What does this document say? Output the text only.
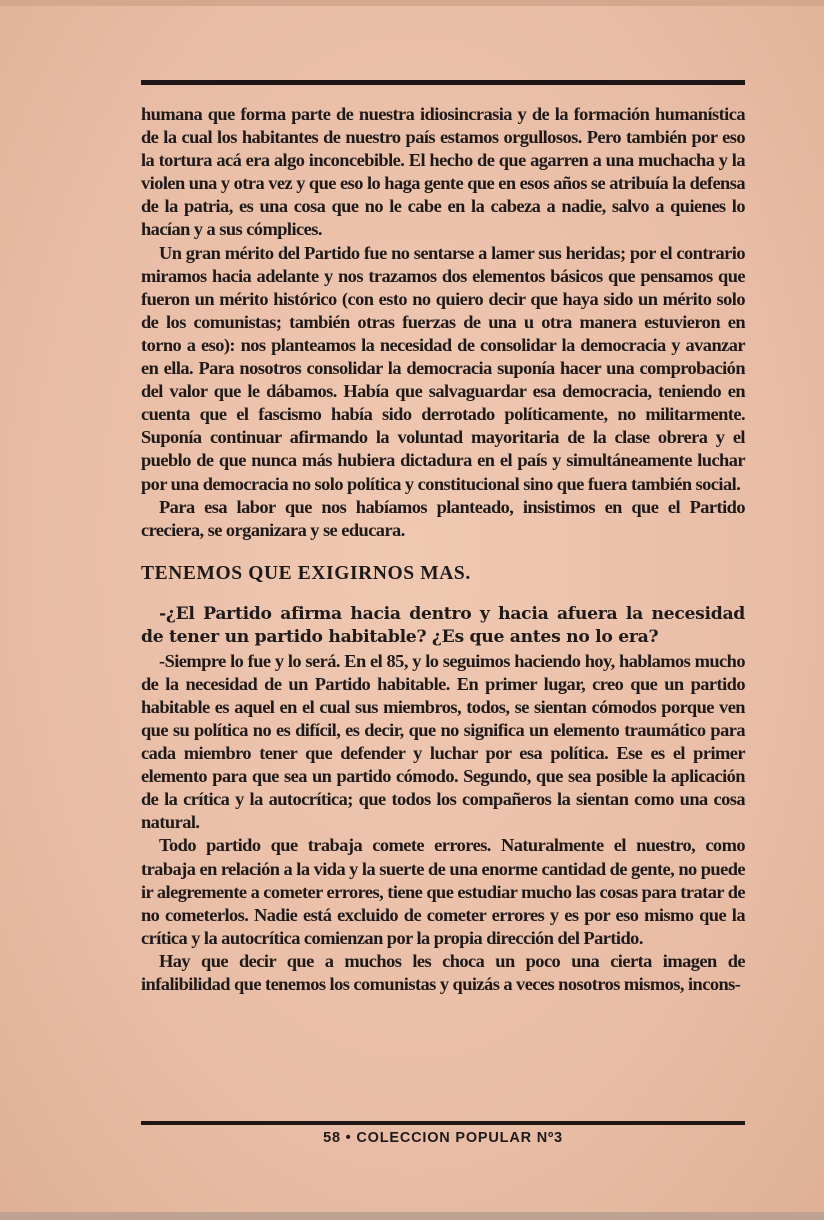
humana que forma parte de nuestra idiosincrasia y de la formación humanística de la cual los habitantes de nuestro país estamos orgullosos. Pero también por eso la tortura acá era algo inconcebible. El hecho de que agarren a una muchacha y la violen una y otra vez y que eso lo haga gente que en esos años se atribuía la defensa de la patria, es una cosa que no le cabe en la cabeza a nadie, salvo a quienes lo hacían y a sus cómplices.

Un gran mérito del Partido fue no sentarse a lamer sus heridas; por el contrario miramos hacia adelante y nos trazamos dos elementos básicos que pensamos que fueron un mérito histórico (con esto no quiero decir que haya sido un mérito solo de los comunistas; también otras fuerzas de una u otra manera estuvieron en torno a eso): nos planteamos la necesidad de consolidar la democracia y avanzar en ella. Para nosotros consolidar la democracia suponía hacer una comprobación del valor que le dábamos. Había que salvaguardar esa democracia, teniendo en cuenta que el fascismo había sido derrotado políticamente, no militarmente. Suponía continuar afirmando la voluntad mayoritaria de la clase obrera y el pueblo de que nunca más hubiera dictadura en el país y simultáneamente luchar por una democracia no solo política y constitucional sino que fuera también social.

Para esa labor que nos habíamos planteado, insistimos en que el Partido creciera, se organizara y se educara.

TENEMOS QUE EXIGIRNOS MAS.

-¿El Partido afirma hacia dentro y hacia afuera la necesidad de tener un partido habitable? ¿Es que antes no lo era?

-Siempre lo fue y lo será. En el 85, y lo seguimos haciendo hoy, hablamos mucho de la necesidad de un Partido habitable. En primer lugar, creo que un partido habitable es aquel en el cual sus miembros, todos, se sientan cómodos porque ven que su política no es difícil, es decir, que no significa un elemento traumático para cada miembro tener que defender y luchar por esa política. Ese es el primer elemento para que sea un partido cómodo. Segundo, que sea posible la aplicación de la crítica y la autocrítica; que todos los compañeros la sientan como una cosa natural.

Todo partido que trabaja comete errores. Naturalmente el nuestro, como trabaja en relación a la vida y la suerte de una enorme cantidad de gente, no puede ir alegremente a cometer errores, tiene que estudiar mucho las cosas para tratar de no cometerlos. Nadie está excluido de cometer errores y es por eso mismo que la crítica y la autocrítica comienzan por la propia dirección del Partido.

Hay que decir que a muchos les choca un poco una cierta imagen de infalibilidad que tenemos los comunistas y quizás a veces nosotros mismos, incons-

58 • COLECCION POPULAR Nº3
